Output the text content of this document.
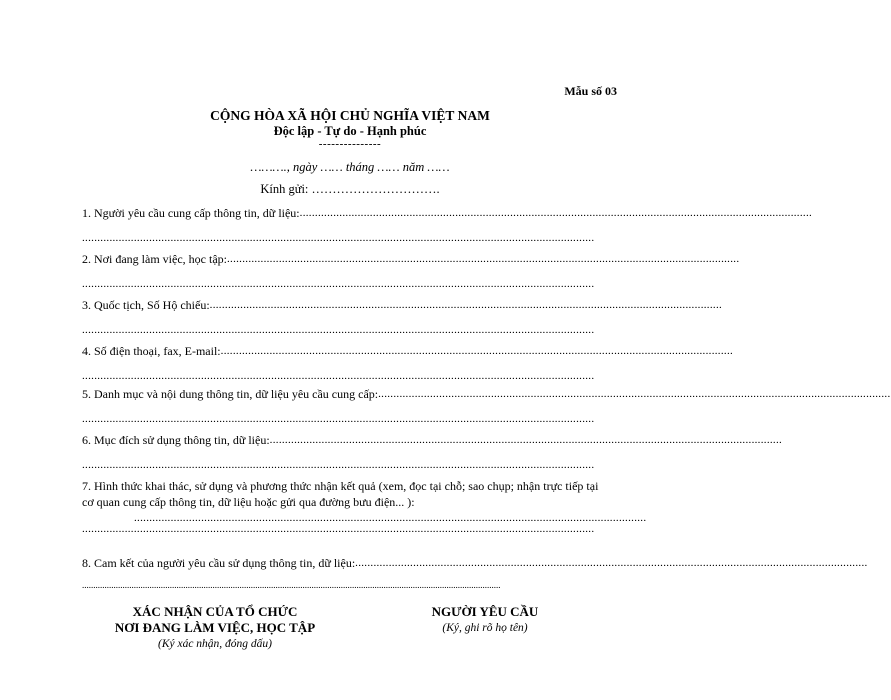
Mẫu số 03
CỘNG HÒA XÃ HỘI CHỦ NGHĨA VIỆT NAM
Độc lập - Tự do - Hạnh phúc
---------------
………., ngày …… tháng …… năm ……
Kính gửi: ………………………….
1. Người yêu cầu cung cấp thông tin, dữ liệu: ........................................................................................................................................................................
........................................................................................................................................................................
2. Nơi đang làm việc, học tập: ........................................................................................................................................................................
........................................................................................................................................................................
3. Quốc tịch, Số Hộ chiếu: ........................................................................................................................................................................
........................................................................................................................................................................
4. Số điện thoại, fax, E-mail: ........................................................................................................................................................................
........................................................................................................................................................................
5. Danh mục và nội dung thông tin, dữ liệu yêu cầu cung cấp: ........................................................................................................................................................................
........................................................................................................................................................................
6. Mục đích sử dụng thông tin, dữ liệu: ........................................................................................................................................................................
........................................................................................................................................................................
7. Hình thức khai thác, sử dụng và phương thức nhận kết quả (xem, đọc tại chỗ; sao chụp; nhận trực tiếp tại cơ quan cung cấp thông tin, dữ liệu hoặc gửi qua đường bưu điện... ):
........................................................................................................................................................................
........................................................................................................................................................................
8. Cam kết của người yêu cầu sử dụng thông tin, dữ liệu: ........................................................................................................................................................................
..........................................................................................................................................................................................
XÁC NHẬN CỦA TỔ CHỨC
NƠI ĐANG LÀM VIỆC, HỌC TẬP
(Ký xác nhận, đóng dấu)
NGƯỜI YÊU CẦU
(Ký, ghi rõ họ tên)
